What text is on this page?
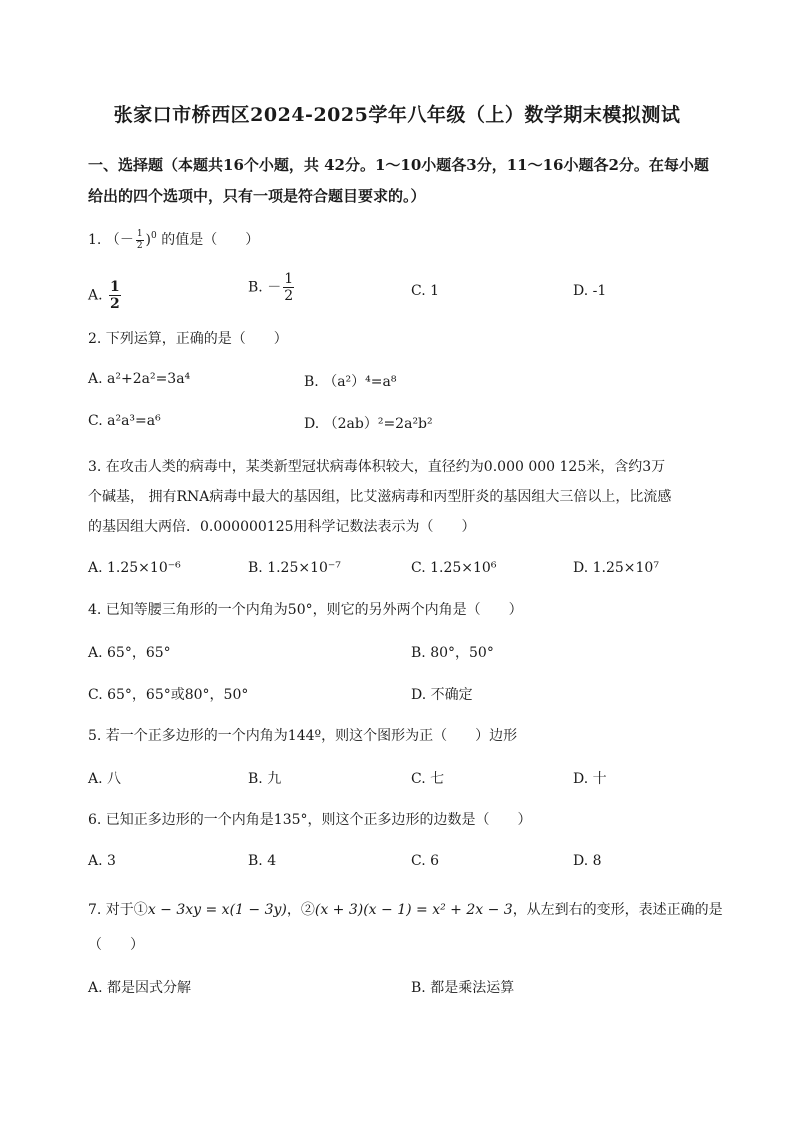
张家口市桥西区2024-2025学年八年级（上）数学期末模拟测试
一、选择题（本题共16个小题，共 42分。1～10小题各3分，11～16小题各2分。在每小题给出的四个选项中，只有一项是符合题目要求的。）
1. （－ $\frac{1}{2} )^0$ 的值是（　　）
A. $\frac{1}{2}$	B. － $\frac{1}{2}$	C. 1	D. -1
2. 下列运算，正确的是（　　）
A. a²+2a²=3a⁴	B. （a²）⁴=a⁸
C. a²a³=a⁶	D. （2ab）²=2a²b²
3. 在攻击人类的病毒中，某类新型冠状病毒体积较大，直径约为0.000 000 125米，含约3万
个碱基， 拥有RNA病毒中最大的基因组，比艾滋病毒和丙型肝炎的基因组大三倍以上，比流感
的基因组大两倍．0.000000125用科学记数法表示为（　　）
A. 1.25×10⁻⁶	B. 1.25×10⁻⁷	C. 1.25×10⁶	D. 1.25×10⁷
4. 已知等腰三角形的一个内角为50°，则它的另外两个内角是（　　）
A. 65°，65°	B. 80°，50°
C. 65°，65°或80°，50°	D. 不确定
5. 若一个正多边形的一个内角为144º，则这个图形为正（　　）边形
A. 八	B. 九	C. 七	D. 十
6. 已知正多边形的一个内角是135°，则这个正多边形的边数是（　　）
A. 3	B. 4	C. 6	D. 8
7. 对于①x − 3xy = x(1 − 3y)，②(x + 3)(x − 1) = x² + 2x − 3，从左到右的变形，表述正确的是
（　　）
A. 都是因式分解	B. 都是乘法运算
